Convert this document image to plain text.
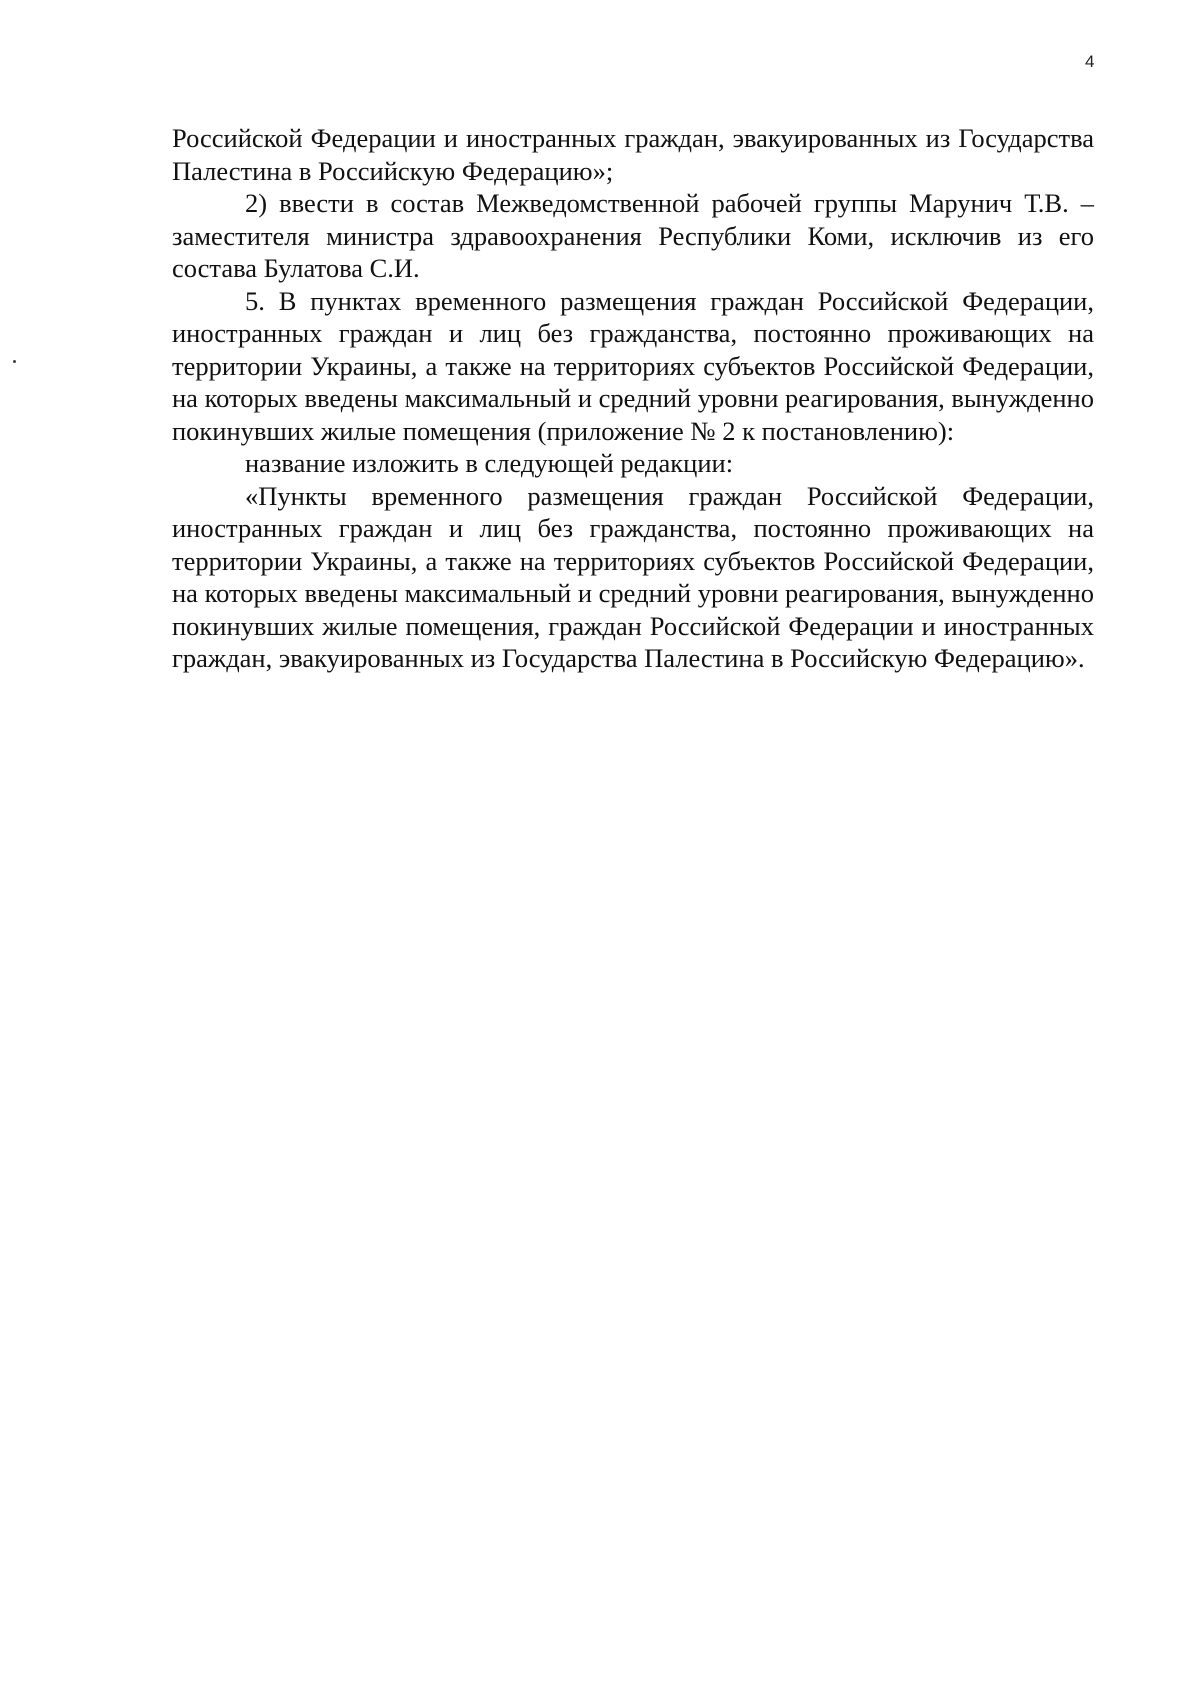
4

Российской Федерации и иностранных граждан, эвакуированных из Государства Палестина в Российскую Федерацию»;

2) ввести в состав Межведомственной рабочей группы Марунич Т.В. – заместителя министра здравоохранения Республики Коми, исключив из его состава Булатова С.И.

5. В пунктах временного размещения граждан Российской Федерации, иностранных граждан и лиц без гражданства, постоянно проживающих на территории Украины, а также на территориях субъектов Российской Федерации, на которых введены максимальный и средний уровни реагирования, вынужденно покинувших жилые помещения (приложение № 2 к постановлению):

название изложить в следующей редакции:

«Пункты временного размещения граждан Российской Федерации, иностранных граждан и лиц без гражданства, постоянно проживающих на территории Украины, а также на территориях субъектов Российской Федерации, на которых введены максимальный и средний уровни реагирования, вынужденно покинувших жилые помещения, граждан Российской Федерации и иностранных граждан, эвакуированных из Государства Палестина в Российскую Федерацию».
